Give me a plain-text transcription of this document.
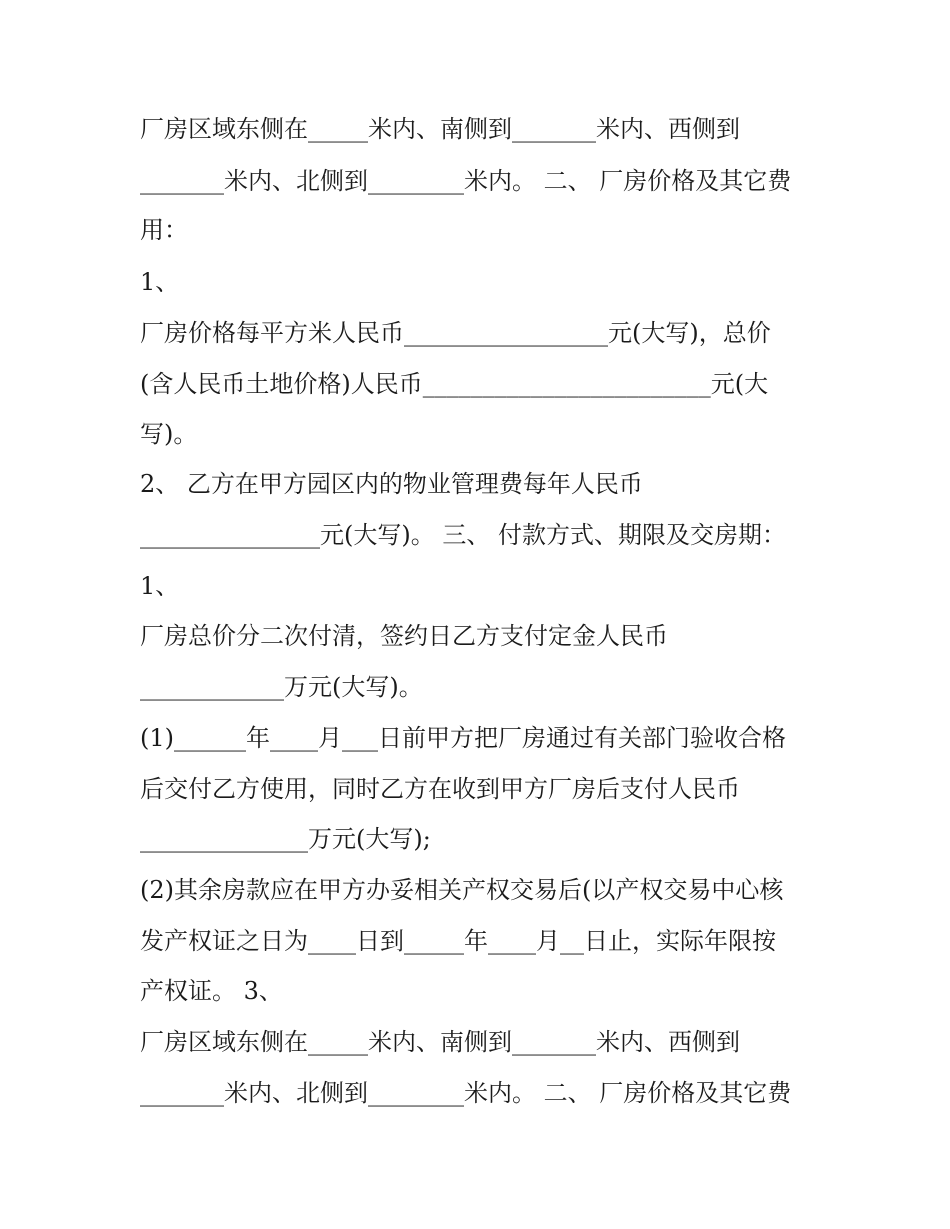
厂房区域东侧在_____米内、南侧到_______米内、西侧到
_______米内、北侧到________米内。 二、 厂房价格及其它费
用：
1、
厂房价格每平方米人民币_________________元(大写)，总价
(含人民币土地价格)人民币________________________元(大
写)。
2、 乙方在甲方园区内的物业管理费每年人民币
_______________元(大写)。 三、 付款方式、期限及交房期：
1、
厂房总价分二次付清，签约日乙方支付定金人民币
____________万元(大写)。
(1)______年____月___日前甲方把厂房通过有关部门验收合格
后交付乙方使用，同时乙方在收到甲方厂房后支付人民币
______________万元(大写);
(2)其余房款应在甲方办妥相关产权交易后(以产权交易中心核
发产权证之日为____日到_____年____月__日止，实际年限按
产权证。 3、
厂房区域东侧在_____米内、南侧到_______米内、西侧到
_______米内、北侧到________米内。 二、 厂房价格及其它费
